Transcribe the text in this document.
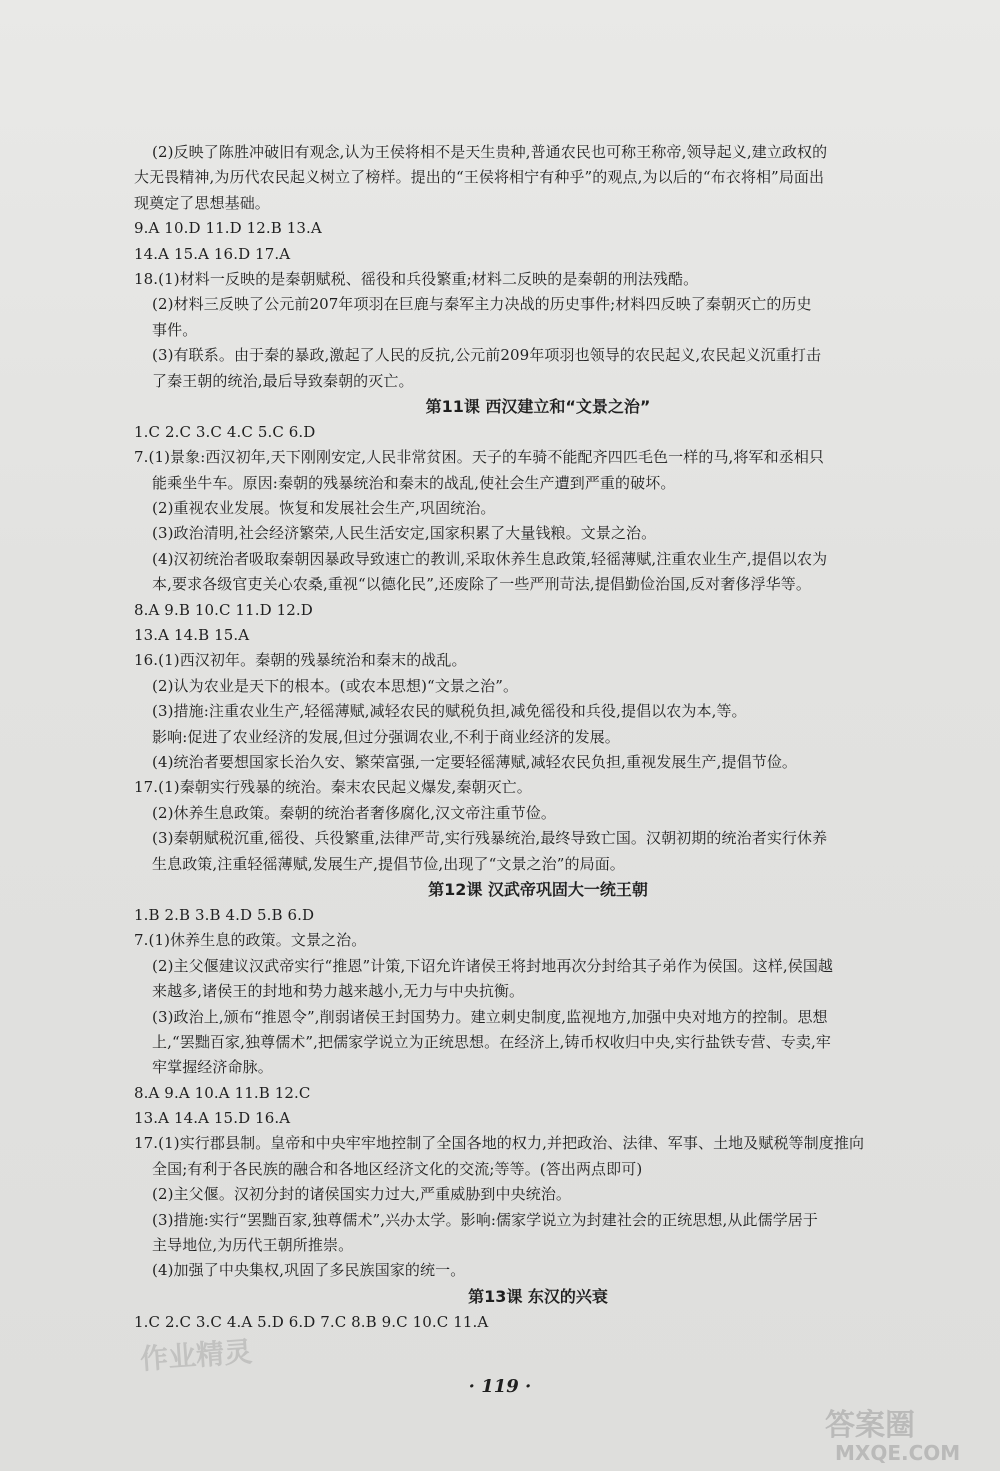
(2)反映了陈胜冲破旧有观念,认为王侯将相不是天生贵种,普通农民也可称王称帝,领导起义,建立政权的
大无畏精神,为历代农民起义树立了榜样。提出的“王侯将相宁有种乎”的观点,为以后的“布衣将相”局面出
现奠定了思想基础。
9.A 10.D 11.D 12.B 13.A
14.A 15.A 16.D 17.A
18.(1)材料一反映的是秦朝赋税、徭役和兵役繁重;材料二反映的是秦朝的刑法残酷。
(2)材料三反映了公元前207年项羽在巨鹿与秦军主力决战的历史事件;材料四反映了秦朝灭亡的历史
事件。
(3)有联系。由于秦的暴政,激起了人民的反抗,公元前209年项羽也领导的农民起义,农民起义沉重打击
了秦王朝的统治,最后导致秦朝的灭亡。
第11课 西汉建立和“文景之治”
1.C 2.C 3.C 4.C 5.C 6.D
7.(1)景象:西汉初年,天下刚刚安定,人民非常贫困。天子的车骑不能配齐四匹毛色一样的马,将军和丞相只
能乘坐牛车。原因:秦朝的残暴统治和秦末的战乱,使社会生产遭到严重的破坏。
(2)重视农业发展。恢复和发展社会生产,巩固统治。
(3)政治清明,社会经济繁荣,人民生活安定,国家积累了大量钱粮。文景之治。
(4)汉初统治者吸取秦朝因暴政导致速亡的教训,采取休养生息政策,轻徭薄赋,注重农业生产,提倡以农为
本,要求各级官吏关心农桑,重视“以德化民”,还废除了一些严刑苛法,提倡勤俭治国,反对奢侈浮华等。
8.A 9.B 10.C 11.D 12.D
13.A 14.B 15.A
16.(1)西汉初年。秦朝的残暴统治和秦末的战乱。
(2)认为农业是天下的根本。(或农本思想)“文景之治”。
(3)措施:注重农业生产,轻徭薄赋,减轻农民的赋税负担,减免徭役和兵役,提倡以农为本,等。
影响:促进了农业经济的发展,但过分强调农业,不利于商业经济的发展。
(4)统治者要想国家长治久安、繁荣富强,一定要轻徭薄赋,减轻农民负担,重视发展生产,提倡节俭。
17.(1)秦朝实行残暴的统治。秦末农民起义爆发,秦朝灭亡。
(2)休养生息政策。秦朝的统治者奢侈腐化,汉文帝注重节俭。
(3)秦朝赋税沉重,徭役、兵役繁重,法律严苛,实行残暴统治,最终导致亡国。汉朝初期的统治者实行休养
生息政策,注重轻徭薄赋,发展生产,提倡节俭,出现了“文景之治”的局面。
第12课 汉武帝巩固大一统王朝
1.B 2.B 3.B 4.D 5.B 6.D
7.(1)休养生息的政策。文景之治。
(2)主父偃建议汉武帝实行“推恩”计策,下诏允许诸侯王将封地再次分封给其子弟作为侯国。这样,侯国越
来越多,诸侯王的封地和势力越来越小,无力与中央抗衡。
(3)政治上,颁布“推恩令”,削弱诸侯王封国势力。建立刺史制度,监视地方,加强中央对地方的控制。思想
上,“罢黜百家,独尊儒术”,把儒家学说立为正统思想。在经济上,铸币权收归中央,实行盐铁专营、专卖,牢
牢掌握经济命脉。
8.A 9.A 10.A 11.B 12.C
13.A 14.A 15.D 16.A
17.(1)实行郡县制。皇帝和中央牢牢地控制了全国各地的权力,并把政治、法律、军事、土地及赋税等制度推向
全国;有利于各民族的融合和各地区经济文化的交流;等等。(答出两点即可)
(2)主父偃。汉初分封的诸侯国实力过大,严重威胁到中央统治。
(3)措施:实行“罢黜百家,独尊儒术”,兴办太学。影响:儒家学说立为封建社会的正统思想,从此儒学居于
主导地位,为历代王朝所推崇。
(4)加强了中央集权,巩固了多民族国家的统一。
第13课 东汉的兴衰
1.C 2.C 3.C 4.A 5.D 6.D 7.C 8.B 9.C 10.C 11.A
作业精灵
答案圈
MXQE.COM
· 119 ·
